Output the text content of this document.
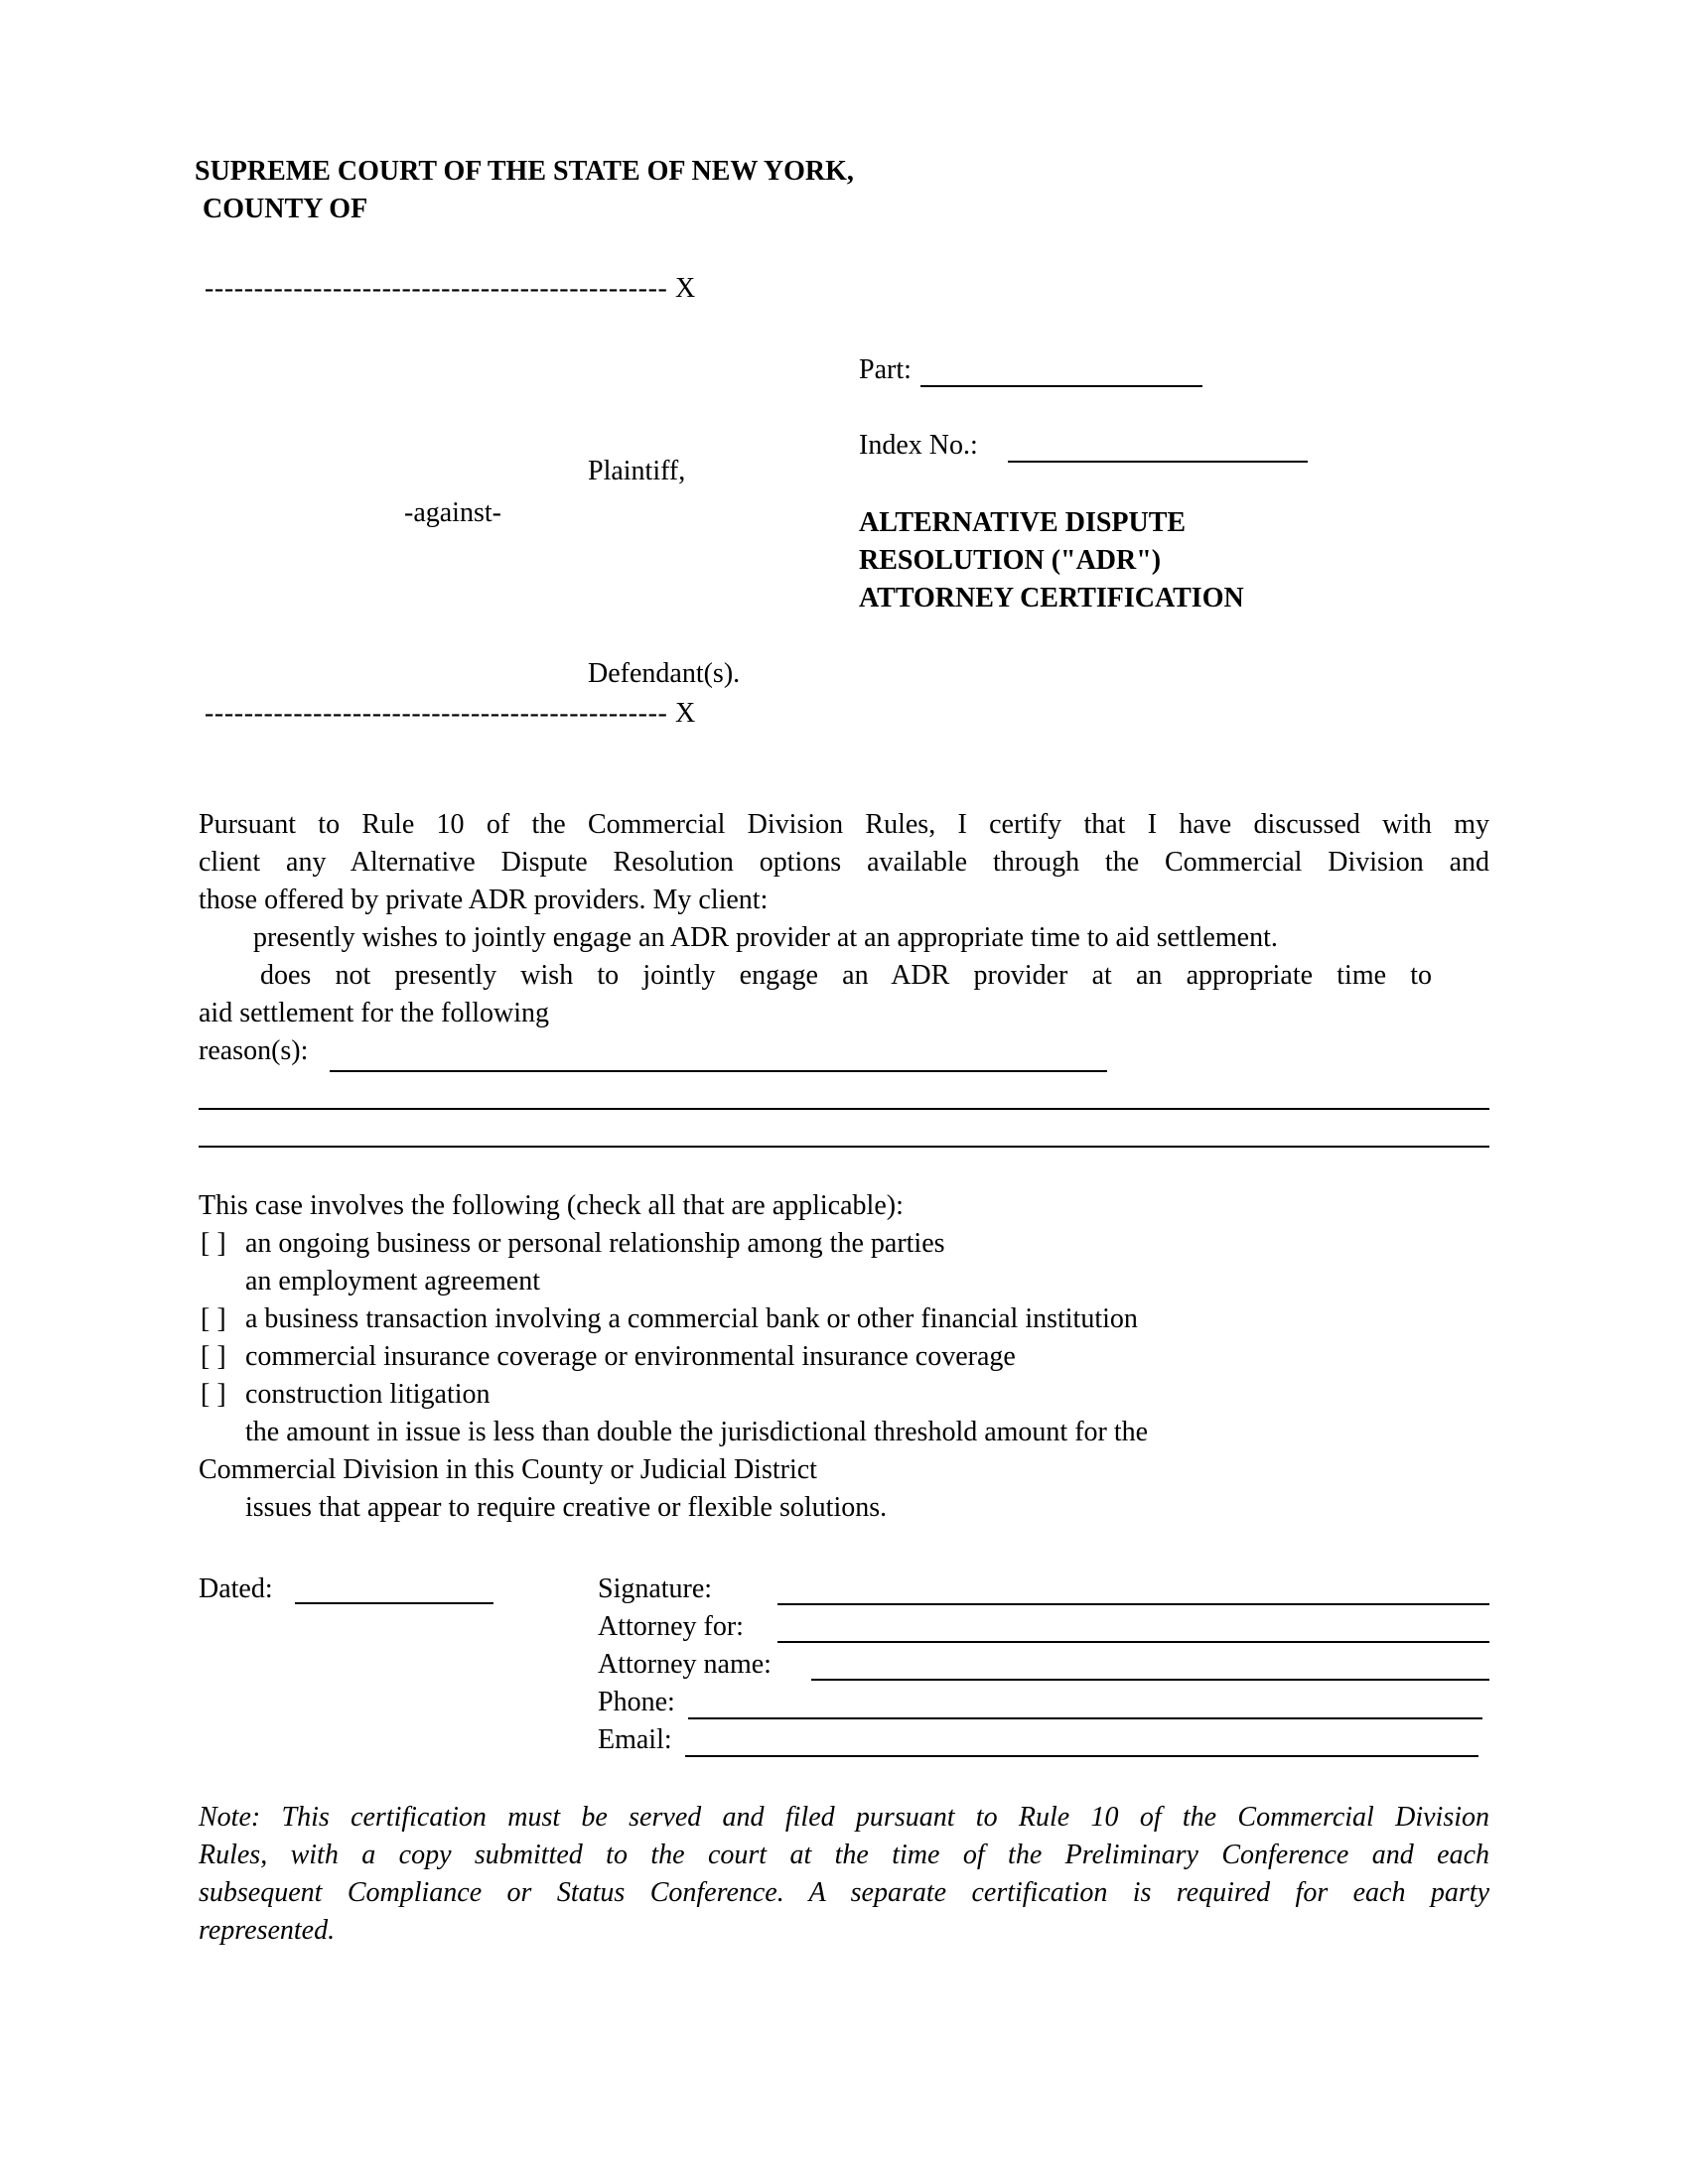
SUPREME COURT OF THE STATE OF NEW YORK,
COUNTY OF
----------------------------------------------- X
Part:
Index No.:
Plaintiff,
-against-
Defendant(s).
ALTERNATIVE DISPUTE
RESOLUTION ("ADR")
ATTORNEY CERTIFICATION
----------------------------------------------- X
Pursuant to Rule 10 of the Commercial Division Rules, I certify that I have discussed with my
client any Alternative Dispute Resolution options available through the Commercial Division and
those offered by private ADR providers. My client:
presently wishes to jointly engage an ADR provider at an appropriate time to aid settlement.
does not presently wish to jointly engage an ADR provider at an appropriate time to
aid settlement for the following
reason(s):
This case involves the following (check all that are applicable):
[ ] an ongoing business or personal relationship among the parties
an employment agreement
[ ] a business transaction involving a commercial bank or other financial institution
[ ] commercial insurance coverage or environmental insurance coverage
[ ] construction litigation
the amount in issue is less than double the jurisdictional threshold amount for the
Commercial Division in this County or Judicial District
issues that appear to require creative or flexible solutions.
Dated:	Signature:
Attorney for:
Attorney name:
Phone:
Email:
Note: This certification must be served and filed pursuant to Rule 10 of the Commercial Division
Rules, with a copy submitted to the court at the time of the Preliminary Conference and each
subsequent Compliance or Status Conference. A separate certification is required for each party
represented.
